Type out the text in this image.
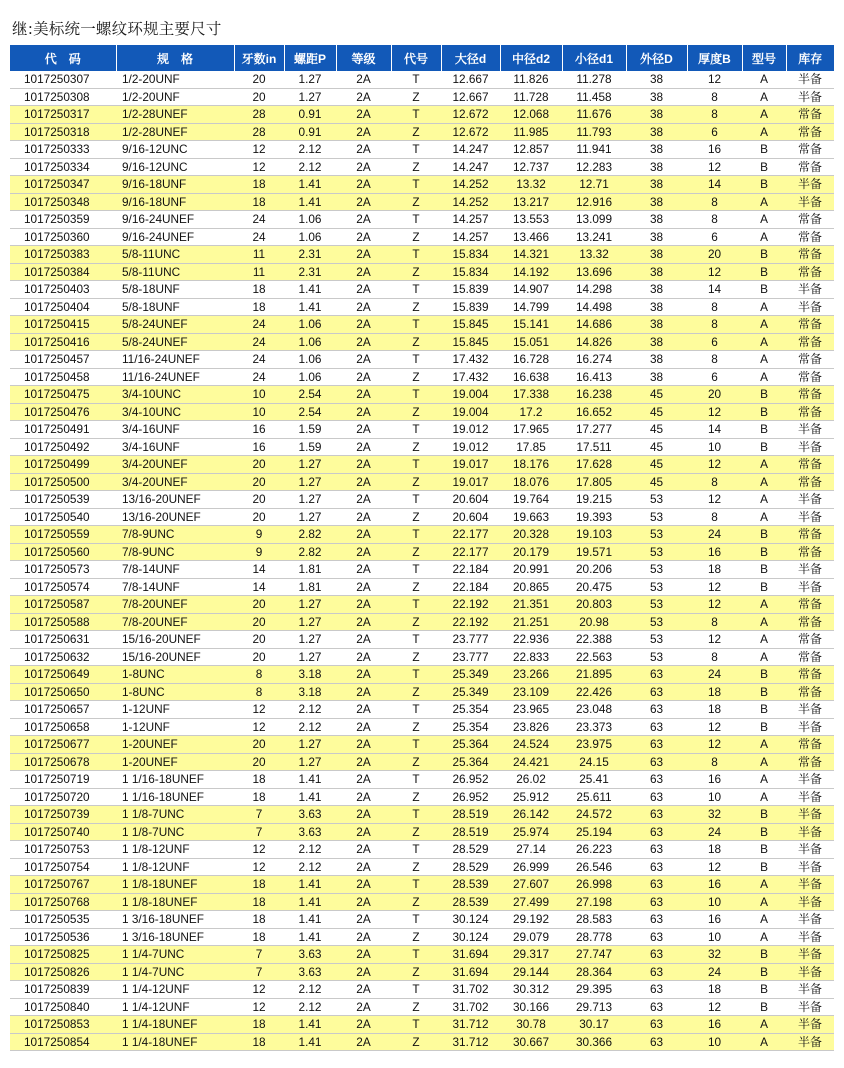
继:美标统一螺纹环规主要尺寸
代　码	规　格	牙数in	螺距P	等级	代号	大径d	中径d2	小径d1	外径D	厚度B	型号	库存
1017250307	1/2-20UNF	20	1.27	2A	T	12.667	11.826	11.278	38	12	A	半备
1017250308	1/2-20UNF	20	1.27	2A	Z	12.667	11.728	11.458	38	8	A	半备
1017250317	1/2-28UNEF	28	0.91	2A	T	12.672	12.068	11.676	38	8	A	常备
1017250318	1/2-28UNEF	28	0.91	2A	Z	12.672	11.985	11.793	38	6	A	常备
1017250333	9/16-12UNC	12	2.12	2A	T	14.247	12.857	11.941	38	16	B	常备
1017250334	9/16-12UNC	12	2.12	2A	Z	14.247	12.737	12.283	38	12	B	常备
1017250347	9/16-18UNF	18	1.41	2A	T	14.252	13.32	12.71	38	14	B	半备
1017250348	9/16-18UNF	18	1.41	2A	Z	14.252	13.217	12.916	38	8	A	半备
1017250359	9/16-24UNEF	24	1.06	2A	T	14.257	13.553	13.099	38	8	A	常备
1017250360	9/16-24UNEF	24	1.06	2A	Z	14.257	13.466	13.241	38	6	A	常备
1017250383	5/8-11UNC	11	2.31	2A	T	15.834	14.321	13.32	38	20	B	常备
1017250384	5/8-11UNC	11	2.31	2A	Z	15.834	14.192	13.696	38	12	B	常备
1017250403	5/8-18UNF	18	1.41	2A	T	15.839	14.907	14.298	38	14	B	半备
1017250404	5/8-18UNF	18	1.41	2A	Z	15.839	14.799	14.498	38	8	A	半备
1017250415	5/8-24UNEF	24	1.06	2A	T	15.845	15.141	14.686	38	8	A	常备
1017250416	5/8-24UNEF	24	1.06	2A	Z	15.845	15.051	14.826	38	6	A	常备
1017250457	11/16-24UNEF	24	1.06	2A	T	17.432	16.728	16.274	38	8	A	常备
1017250458	11/16-24UNEF	24	1.06	2A	Z	17.432	16.638	16.413	38	6	A	常备
1017250475	3/4-10UNC	10	2.54	2A	T	19.004	17.338	16.238	45	20	B	常备
1017250476	3/4-10UNC	10	2.54	2A	Z	19.004	17.2	16.652	45	12	B	常备
1017250491	3/4-16UNF	16	1.59	2A	T	19.012	17.965	17.277	45	14	B	半备
1017250492	3/4-16UNF	16	1.59	2A	Z	19.012	17.85	17.511	45	10	B	半备
1017250499	3/4-20UNEF	20	1.27	2A	T	19.017	18.176	17.628	45	12	A	常备
1017250500	3/4-20UNEF	20	1.27	2A	Z	19.017	18.076	17.805	45	8	A	常备
1017250539	13/16-20UNEF	20	1.27	2A	T	20.604	19.764	19.215	53	12	A	半备
1017250540	13/16-20UNEF	20	1.27	2A	Z	20.604	19.663	19.393	53	8	A	半备
1017250559	7/8-9UNC	9	2.82	2A	T	22.177	20.328	19.103	53	24	B	常备
1017250560	7/8-9UNC	9	2.82	2A	Z	22.177	20.179	19.571	53	16	B	常备
1017250573	7/8-14UNF	14	1.81	2A	T	22.184	20.991	20.206	53	18	B	半备
1017250574	7/8-14UNF	14	1.81	2A	Z	22.184	20.865	20.475	53	12	B	半备
1017250587	7/8-20UNEF	20	1.27	2A	T	22.192	21.351	20.803	53	12	A	常备
1017250588	7/8-20UNEF	20	1.27	2A	Z	22.192	21.251	20.98	53	8	A	常备
1017250631	15/16-20UNEF	20	1.27	2A	T	23.777	22.936	22.388	53	12	A	常备
1017250632	15/16-20UNEF	20	1.27	2A	Z	23.777	22.833	22.563	53	8	A	常备
1017250649	1-8UNC	8	3.18	2A	T	25.349	23.266	21.895	63	24	B	常备
1017250650	1-8UNC	8	3.18	2A	Z	25.349	23.109	22.426	63	18	B	常备
1017250657	1-12UNF	12	2.12	2A	T	25.354	23.965	23.048	63	18	B	半备
1017250658	1-12UNF	12	2.12	2A	Z	25.354	23.826	23.373	63	12	B	半备
1017250677	1-20UNEF	20	1.27	2A	T	25.364	24.524	23.975	63	12	A	常备
1017250678	1-20UNEF	20	1.27	2A	Z	25.364	24.421	24.15	63	8	A	常备
1017250719	1 1/16-18UNEF	18	1.41	2A	T	26.952	26.02	25.41	63	16	A	半备
1017250720	1 1/16-18UNEF	18	1.41	2A	Z	26.952	25.912	25.611	63	10	A	半备
1017250739	1 1/8-7UNC	7	3.63	2A	T	28.519	26.142	24.572	63	32	B	半备
1017250740	1 1/8-7UNC	7	3.63	2A	Z	28.519	25.974	25.194	63	24	B	半备
1017250753	1 1/8-12UNF	12	2.12	2A	T	28.529	27.14	26.223	63	18	B	半备
1017250754	1 1/8-12UNF	12	2.12	2A	Z	28.529	26.999	26.546	63	12	B	半备
1017250767	1 1/8-18UNEF	18	1.41	2A	T	28.539	27.607	26.998	63	16	A	半备
1017250768	1 1/8-18UNEF	18	1.41	2A	Z	28.539	27.499	27.198	63	10	A	半备
1017250535	1 3/16-18UNEF	18	1.41	2A	T	30.124	29.192	28.583	63	16	A	半备
1017250536	1 3/16-18UNEF	18	1.41	2A	Z	30.124	29.079	28.778	63	10	A	半备
1017250825	1 1/4-7UNC	7	3.63	2A	T	31.694	29.317	27.747	63	32	B	半备
1017250826	1 1/4-7UNC	7	3.63	2A	Z	31.694	29.144	28.364	63	24	B	半备
1017250839	1 1/4-12UNF	12	2.12	2A	T	31.702	30.312	29.395	63	18	B	半备
1017250840	1 1/4-12UNF	12	2.12	2A	Z	31.702	30.166	29.713	63	12	B	半备
1017250853	1 1/4-18UNEF	18	1.41	2A	T	31.712	30.78	30.17	63	16	A	半备
1017250854	1 1/4-18UNEF	18	1.41	2A	Z	31.712	30.667	30.366	63	10	A	半备
